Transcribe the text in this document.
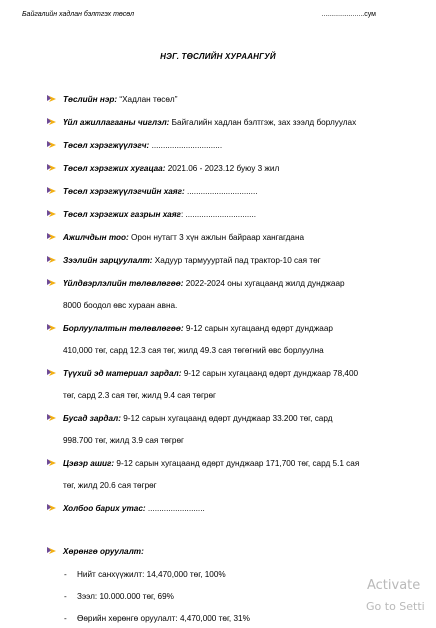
Байгалийн хадлан бэлтгэх төсөл	......................сум
НЭГ. ТӨСЛИЙН ХУРААНГУЙ
Activate
Go to Setti
Төслийн нэр: “Хадлан төсөл”
Үйл ажиллагааны чиглэл: Байгалийн хадлан бэлтгэж, зах зээлд борлуулах
Төсөл хэрэгжүүлэгч: ...............................
Төсөл хэрэгжих хугацаа: 2021.06 - 2023.12 буюу 3 жил
Төсөл хэрэгжүүлэгчийн хаяг: ...............................
Төсөл хэрэгжих газрын хаяг: ...............................
Ажилчдын тоо: Орон нутагт 3 хүн ажлын байраар хангагдана
Зээлийн зарцуулалт: Хадуур тармуууртай пад трактор-10 сая төг
Үйлдвэрлэлийн төлөвлөгөө: 2022-2024 оны хугацаанд жилд дунджаар
8000 боодол өвс хураан авна.
Борлуулалтын төлөвлөгөө: 9-12 сарын хугацаанд өдөрт дунджаар
410,000 төг, сард 12.3 сая төг, жилд 49.3 сая төгөгний өвс борлуулна
Түүхий эд материал зардал: 9-12 сарын хугацаанд өдөрт дунджаар 78,400
төг, сард 2.3 сая төг, жилд 9.4 сая төгрөг
Бусад зардал: 9-12 сарын хугацаанд өдөрт дунджаар 33.200 төг, сард
998.700 төг, жилд 3.9 сая төгрөг
Цэвэр ашиг: 9-12 сарын хугацаанд өдөрт дунджаар 171,700 төг, сард 5.1 сая
төг, жилд 20.6 сая төгрөг
Холбоо барих утас: .........................
Хөрөнгө оруулалт:
- Нийт санхүүжилт: 14,470,000 төг, 100%
- Зээл: 10.000.000 төг, 69%
- Өөрийн хөрөнгө оруулалт: 4,470,000 төг, 31%
